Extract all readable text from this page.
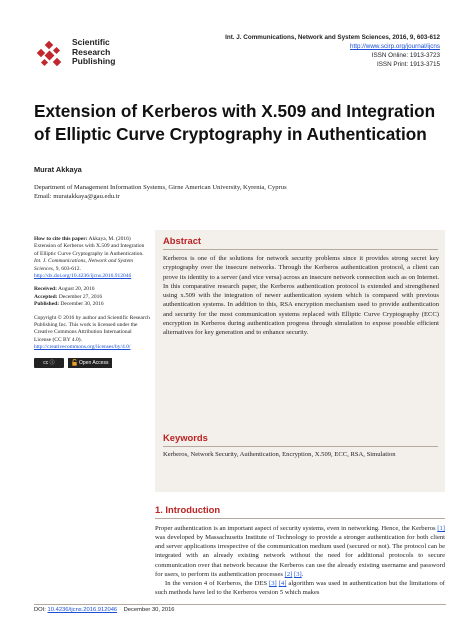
Scientific
Research
Publishing
Int. J. Communications, Network and System Sciences, 2016, 9, 603-612
http://www.scirp.org/journal/ijcns
ISSN Online: 1913-3723
ISSN Print: 1913-3715
Extension of Kerberos with X.509 and Integration of Elliptic Curve Cryptography in Authentication
Murat Akkaya
Department of Management Information Systems, Girne American University, Kyrenia, Cyprus
Email: muratakkaya@gau.edu.tr

How to cite this paper: Akkaya, M. (2016) Extension of Kerberos with X.509 and Integration of Elliptic Curve Cryptography in Authentication. Int. J. Communications, Network and System Sciences, 9, 603-612.
http://dx.doi.org/10.4236/ijcns.2016.912046

Received: August 20, 2016
Accepted: December 27, 2016
Published: December 30, 2016

Copyright © 2016 by author and Scientific Research Publishing Inc. This work is licensed under the Creative Commons Attribution International License (CC BY 4.0).
http://creativecommons.org/licenses/by/4.0/

cc ⓘ	Open Access
Abstract
Kerberos is one of the solutions for network security problems since it provides strong secret key cryptography over the insecure networks. Through the Kerberos authentication protocol, a client can prove its identity to a server (and vice versa) across an insecure network connection such as on Internet. In this comparative research paper, the Kerberos authentication protocol is extended and strengthened using x.509 with the integration of newer authentication system which is compared with previous authentication systems. In addition to this, RSA encryption mechanism used to provide authentication and security for the most communication systems replaced with Elliptic Curve Cryptography (ECC) encryption in Kerberos during authentication progress through simulation to expose possible efficient alternatives for key generation and to enhance security.
Keywords
Kerberos, Network Security, Authentication, Encryption, X.509, ECC, RSA, Simulation
1. Introduction

Proper authentication is an important aspect of security systems, even in networking. Hence, the Kerberos [1] was developed by Massachusetts Institute of Technology to provide a stronger authentication for both client and server applications irrespective of the communication medium used (secured or not). The protocol can be integrated with an already existing network without the need for additional protocols to secure communication over that network because the Kerberos can use the already existing username and password for users, to perform its authentication processes [2] [3].

In the version 4 of Kerberos, the DES [3] [4] algorithm was used in authentication but the limitations of such methods have led to the Kerberos version 5 which makes

DOI: 10.4236/ijcns.2016.912046 December 30, 2016
